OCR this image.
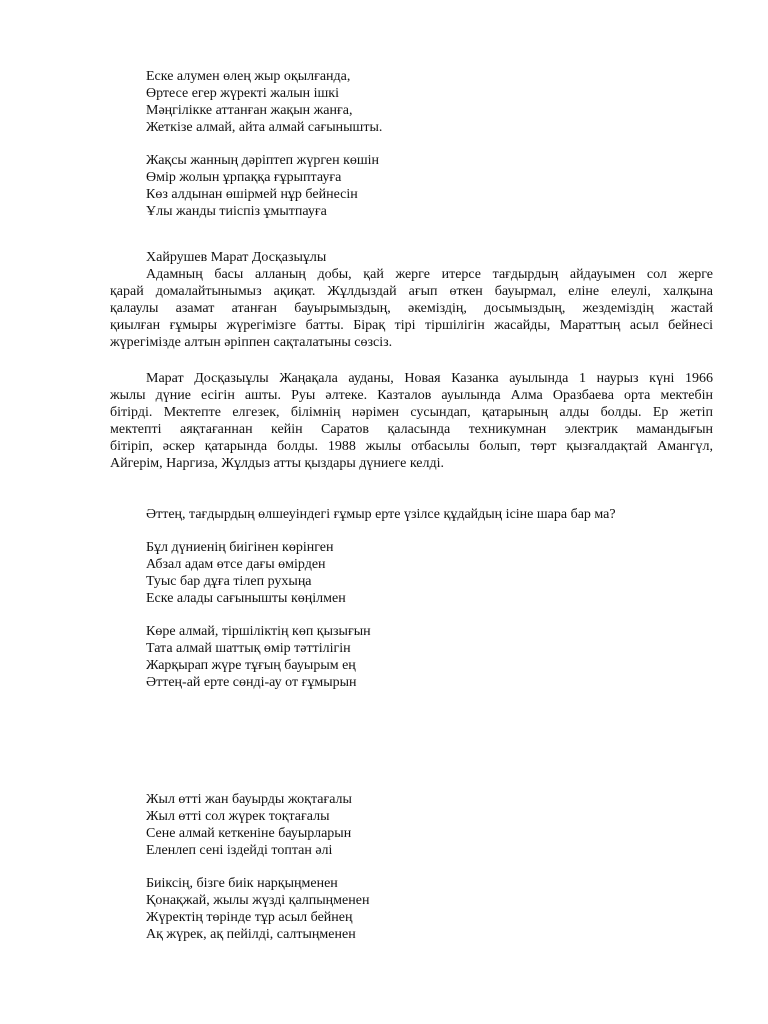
Еске алумен өлең жыр оқылғанда,
Өртесе егер жүректі жалын ішкі
Мәңгілікке аттанған жақын жанға,
Жеткізе алмай, айта алмай сағынышты.
Жақсы жанның дәріптеп жүрген көшін
Өмір жолын ұрпаққа ғұрыптауға
Көз алдынан өшірмей нұр бейнесін
Ұлы жанды тиіспіз ұмытпауға
Хайрушев Марат Досқазыұлы
Адамның басы алланың добы, қай жерге итерсе тағдырдың айдауымен сол жерге
қарай домалайтынымыз ақиқат. Жұлдыздай ағып өткен бауырмал, еліне елеулі, халқына
қалаулы азамат атанған бауырымыздың, әкеміздің, досымыздың, жездеміздің жастай
қиылған ғұмыры жүрегімізге батты. Бірақ тірі тіршілігін жасайды, Мараттың асыл бейнесі
жүрегімізде алтын әріппен сақталатыны сөзсіз.
Марат Досқазыұлы Жаңақала ауданы, Новая Казанка ауылында 1 наурыз күні 1966
жылы дүние есігін ашты. Руы әлтеке. Казталов ауылында Алма Оразбаева орта мектебін
бітірді. Мектепте елгезек, білімнің нәрімен сусындап, қатарының алды болды. Ер жетіп
мектепті аяқтағаннан кейін Саратов қаласында техникумнан электрик мамандығын
бітіріп, әскер қатарында болды. 1988 жылы отбасылы болып, төрт қызғалдақтай Амангүл,
Айгерім, Наргиза, Жұлдыз атты қыздары дүниеге келді.
Әттең, тағдырдың өлшеуіндегі ғұмыр ерте үзілсе құдайдың ісіне шара бар ма?
Бұл дүниенің биігінен көрінген
Абзал адам өтсе дағы өмірден
Туыс бар дұға тілеп рухыңа
Еске алады сағынышты көңілмен
Көре алмай, тіршіліктің көп қызығын
Тата алмай шаттық өмір тәттілігін
Жарқырап жүре тұғың бауырым ең
Әттең-ай ерте сөнді-ау от ғұмырын
Жыл өтті жан бауырды жоқтағалы
Жыл өтті сол жүрек тоқтағалы
Сене алмай кеткеніне бауырларын
Еленлеп сені іздейді топтан әлі
Биіксің, бізге биік нарқыңменен
Қонақжай, жылы жүзді қалпыңменен
Жүректің төрінде тұр асыл бейнең
Ақ жүрек, ақ пейілді, салтыңменен
